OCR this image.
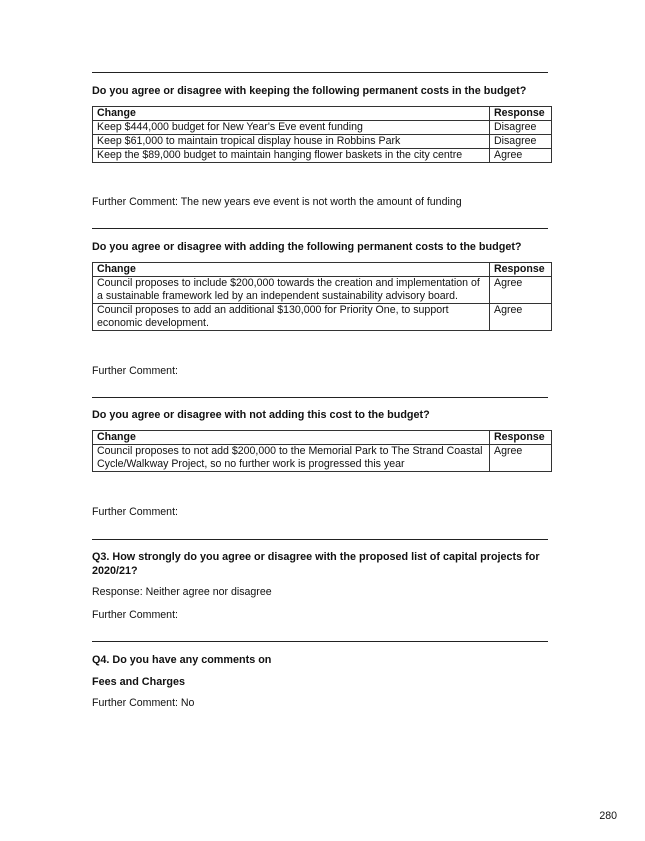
Do you agree or disagree with keeping the following permanent costs in the budget?
Change	Response
Keep $444,000 budget for New Year's Eve event funding	Disagree
Keep $61,000 to maintain tropical display house in Robbins Park	Disagree
Keep the $89,000 budget to maintain hanging flower baskets in the city centre	Agree
Further Comment: The new years eve event is not worth the amount of funding
Do you agree or disagree with adding the following permanent costs to the budget?
Change	Response
Council proposes to include $200,000 towards the creation and implementation of a sustainable framework led by an independent sustainability advisory board.	Agree
Council proposes to add an additional $130,000 for Priority One, to support economic development.	Agree
Further Comment:
Do you agree or disagree with not adding this cost to the budget?
Change	Response
Council proposes to not add $200,000 to the Memorial Park to The Strand Coastal Cycle/Walkway Project, so no further work is progressed this year	Agree
Further Comment:
Q3. How strongly do you agree or disagree with the proposed list of capital projects for 2020/21?
Response: Neither agree nor disagree
Further Comment:
Q4. Do you have any comments on
Fees and Charges
Further Comment: No
280
